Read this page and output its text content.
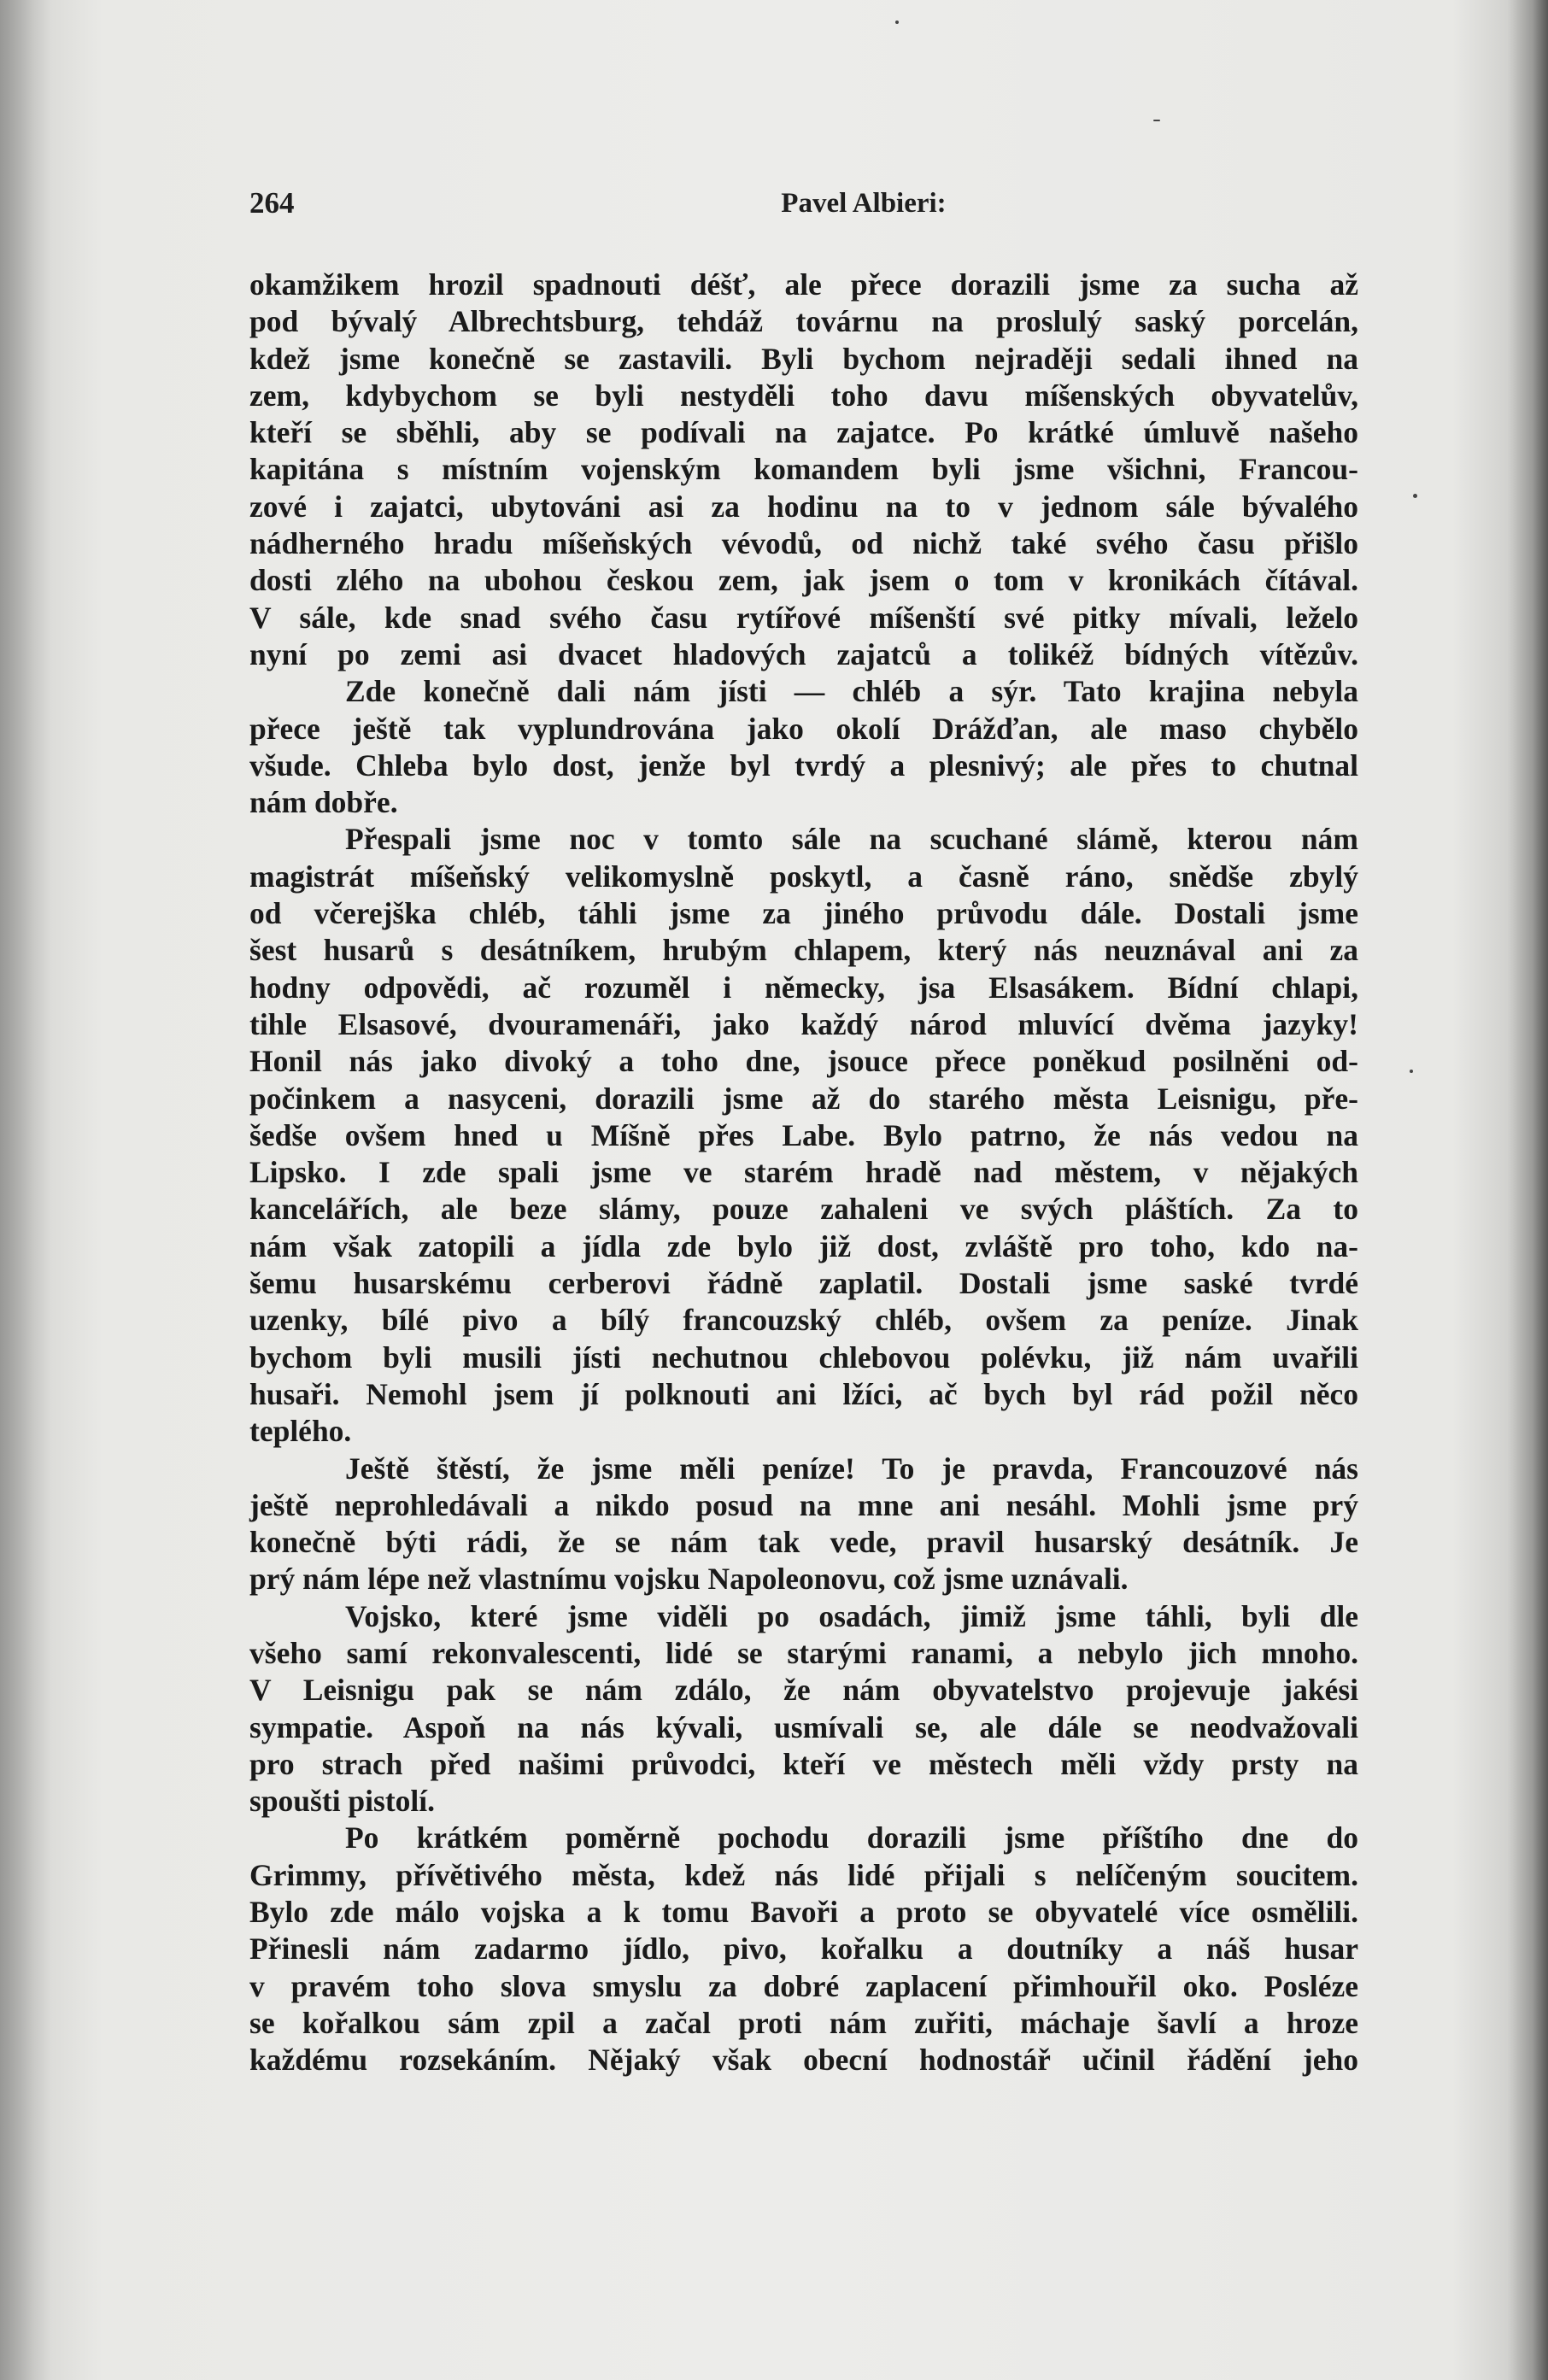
264	Pavel Albieri:
okamžikem hrozil spadnouti déšť, ale přece dorazili jsme za sucha až
pod bývalý Albrechtsburg, tehdáž továrnu na proslulý saský porcelán,
kdež jsme konečně se zastavili. Byli bychom nejraději sedali ihned na
zem, kdybychom se byli nestyděli toho davu míšenských obyvatelův,
kteří se sběhli, aby se podívali na zajatce. Po krátké úmluvě našeho
kapitána s místním vojenským komandem byli jsme všichni, Francou-
zové i zajatci, ubytováni asi za hodinu na to v jednom sále bývalého
nádherného hradu míšeňských vévodů, od nichž také svého času přišlo
dosti zlého na ubohou českou zem, jak jsem o tom v kronikách čítával.
V sále, kde snad svého času rytířové míšenští své pitky mívali, leželo
nyní po zemi asi dvacet hladových zajatců a tolikéž bídných vítězův.
Zde konečně dali nám jísti — chléb a sýr. Tato krajina nebyla
přece ještě tak vyplundrována jako okolí Drážďan, ale maso chybělo
všude. Chleba bylo dost, jenže byl tvrdý a plesnivý; ale přes to chutnal
nám dobře.
Přespali jsme noc v tomto sále na scuchané slámě, kterou nám
magistrát míšeňský velikomyslně poskytl, a časně ráno, snědše zbylý
od včerejška chléb, táhli jsme za jiného průvodu dále. Dostali jsme
šest husarů s desátníkem, hrubým chlapem, který nás neuznával ani za
hodny odpovědi, ač rozuměl i německy, jsa Elsasákem. Bídní chlapi,
tihle Elsasové, dvouramenáři, jako každý národ mluvící dvěma jazyky!
Honil nás jako divoký a toho dne, jsouce přece poněkud posilněni od-
počinkem a nasyceni, dorazili jsme až do starého města Leisnigu, pře-
šedše ovšem hned u Míšně přes Labe. Bylo patrno, že nás vedou na
Lipsko. I zde spali jsme ve starém hradě nad městem, v nějakých
kancelářích, ale beze slámy, pouze zahaleni ve svých pláštích. Za to
nám však zatopili a jídla zde bylo již dost, zvláště pro toho, kdo na-
šemu husarskému cerberovi řádně zaplatil. Dostali jsme saské tvrdé
uzenky, bílé pivo a bílý francouzský chléb, ovšem za peníze. Jinak
bychom byli musili jísti nechutnou chlebovou polévku, již nám uvařili
husaři. Nemohl jsem jí polknouti ani lžíci, ač bych byl rád požil něco
teplého.
Ještě štěstí, že jsme měli peníze! To je pravda, Francouzové nás
ještě neprohledávali a nikdo posud na mne ani nesáhl. Mohli jsme prý
konečně býti rádi, že se nám tak vede, pravil husarský desátník. Je
prý nám lépe než vlastnímu vojsku Napoleonovu, což jsme uznávali.
Vojsko, které jsme viděli po osadách, jimiž jsme táhli, byli dle
všeho samí rekonvalescenti, lidé se starými ranami, a nebylo jich mnoho.
V Leisnigu pak se nám zdálo, že nám obyvatelstvo projevuje jakési
sympatie. Aspoň na nás kývali, usmívali se, ale dále se neodvažovali
pro strach před našimi průvodci, kteří ve městech měli vždy prsty na
spoušti pistolí.
Po krátkém poměrně pochodu dorazili jsme příštího dne do
Grimmy, přívětivého města, kdež nás lidé přijali s nelíčeným soucitem.
Bylo zde málo vojska a k tomu Bavoři a proto se obyvatelé více osmělili.
Přinesli nám zadarmo jídlo, pivo, kořalku a doutníky a náš husar
v pravém toho slova smyslu za dobré zaplacení přimhouřil oko. Posléze
se kořalkou sám zpil a začal proti nám zuřiti, máchaje šavlí a hroze
každému rozsekáním. Nějaký však obecní hodnostář učinil řádění jeho
